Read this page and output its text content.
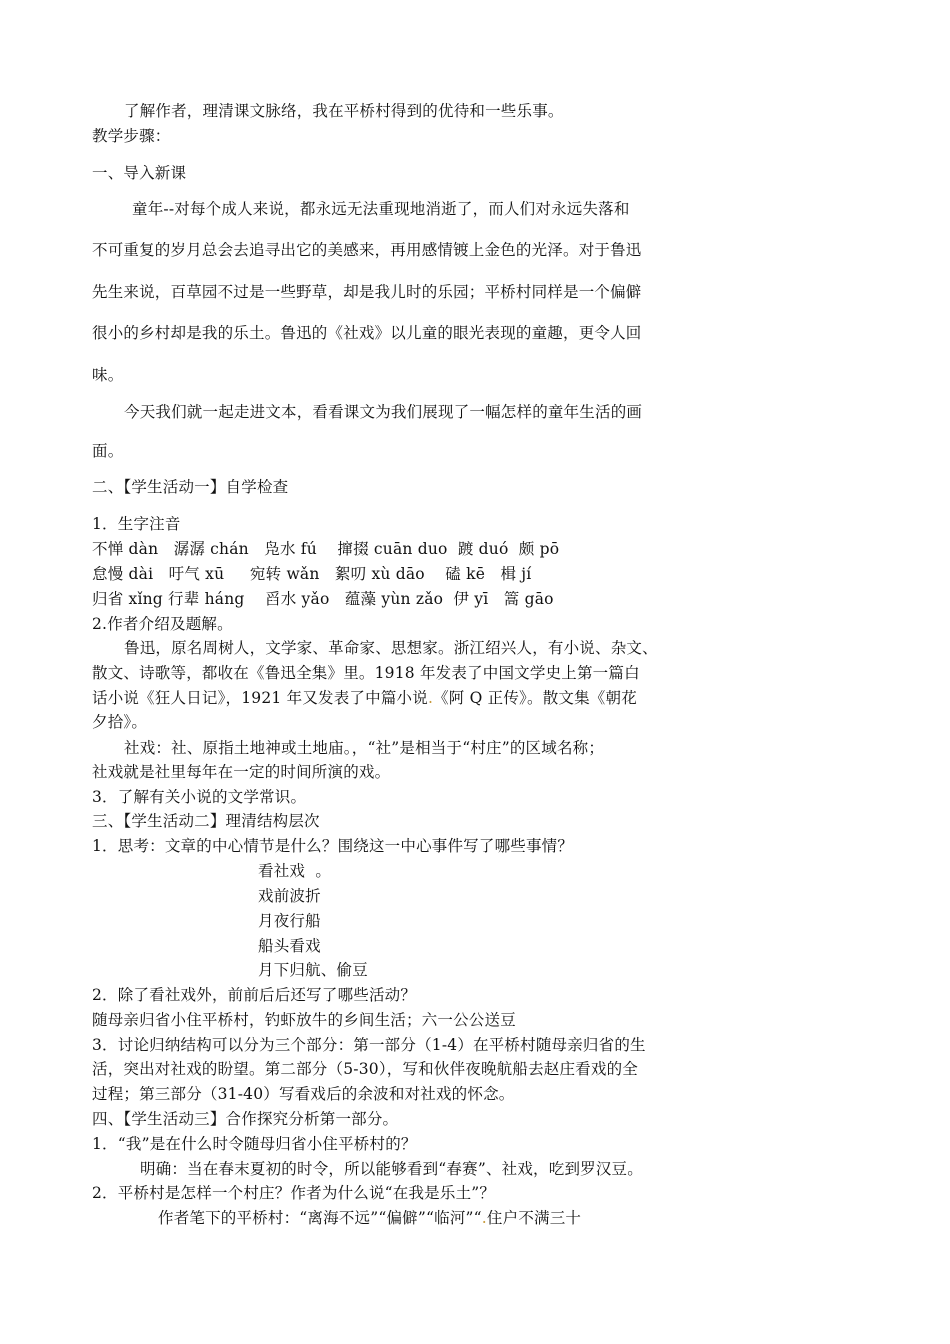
了解作者，理清课文脉络，我在平桥村得到的优待和一些乐事。
教学步骤：
一、导入新课
童年--对每个成人来说，都永远无法重现地消逝了，而人们对永远失落和
不可重复的岁月总会去追寻出它的美感来，再用感情镀上金色的光泽。对于鲁迅
先生来说，百草园不过是一些野草，却是我儿时的乐园；平桥村同样是一个偏僻
很小的乡村却是我的乐土。鲁迅的《社戏》以儿童的眼光表现的童趣，更令人回
味。
今天我们就一起走进文本，看看课文为我们展现了一幅怎样的童年生活的画
面。
二、【学生活动一】自学检查
1．生字注音
不惮 dàn   潺潺 chán   凫水 fú    撺掇 cuān duo  踱 duó  颇 pō
怠慢 dài   吁气 xū     宛转 wǎn   絮叨 xù dāo    磕 kē   楫 jí
归省 xǐng 行辈 háng    舀水 yǎo   蕴藻 yùn zǎo  伊 yī   篙 gāo
2.作者介绍及题解。
鲁迅，原名周树人，文学家、革命家、思想家。浙江绍兴人，有小说、杂文、
散文、诗歌等，都收在《鲁迅全集》里。1918 年发表了中国文学史上第一篇白
话小说《狂人日记》，1921 年又发表了中篇小说.《阿 Q 正传》。散文集《朝花
夕拾》。
社戏：社、原指土地神或土地庙。，“社”是相当于“村庄”的区域名称；
社戏就是社里每年在一定的时间所演的戏。
3．了解有关小说的文学常识。
三、【学生活动二】理清结构层次
1．思考：文章的中心情节是什么？围绕这一中心事件写了哪些事情？
看社戏  。
戏前波折
月夜行船
船头看戏
月下归航、偷豆
2．除了看社戏外，前前后后还写了哪些活动？
随母亲归省小住平桥村，钓虾放牛的乡间生活；六一公公送豆
3．讨论归纳结构可以分为三个部分：第一部分（1-4）在平桥村随母亲归省的生
活，突出对社戏的盼望。第二部分（5-30），写和伙伴夜晚航船去赵庄看戏的全
过程；第三部分（31-40）写看戏后的余波和对社戏的怀念。
四、【学生活动三】合作探究分析第一部分。
1．“我”是在什么时令随母归省小住平桥村的？
明确：当在春末夏初的时令，所以能够看到“春赛”、社戏，吃到罗汉豆。
2．平桥村是怎样一个村庄？作者为什么说“在我是乐土”？
作者笔下的平桥村：“离海不远”“偏僻”“临河”“.住户不满三十
